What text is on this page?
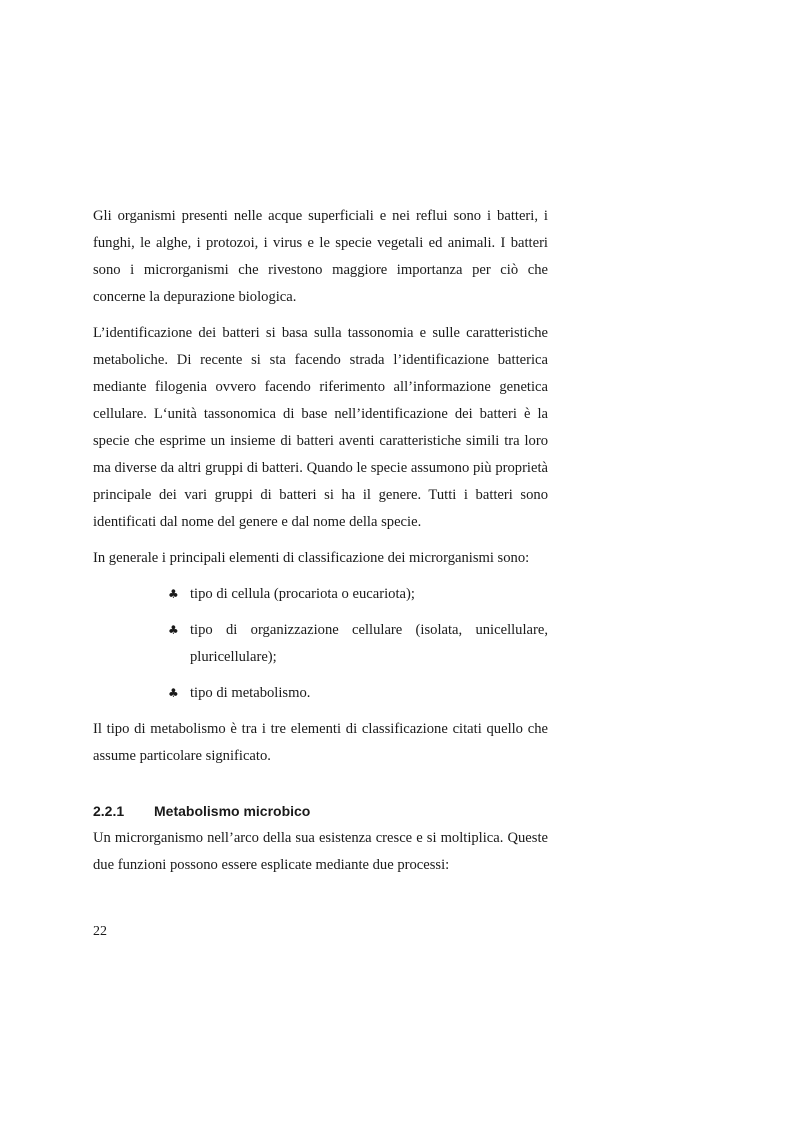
Gli organismi presenti nelle acque superficiali e nei reflui sono i batteri, i funghi, le alghe, i protozoi, i virus e le specie vegetali ed animali. I batteri sono i microrganismi che rivestono maggiore importanza per ciò che concerne la depurazione biologica.

L’identificazione dei batteri si basa sulla tassonomia e sulle caratteristiche metaboliche. Di recente si sta facendo strada l’identificazione batterica mediante filogenia ovvero facendo riferimento all’informazione genetica cellulare. L‘unità tassonomica di base nell’identificazione dei batteri è la specie che esprime un insieme di batteri aventi caratteristiche simili tra loro ma diverse da altri gruppi di batteri. Quando le specie assumono più proprietà principale dei vari gruppi di batteri si ha il genere. Tutti i batteri sono identificati dal nome del genere e dal nome della specie.

In generale i principali elementi di classificazione dei microrganismi sono:

♣ tipo di cellula (procariota o eucariota);
♣ tipo di organizzazione cellulare (isolata, unicellulare, pluricellulare);
♣ tipo di metabolismo.

Il tipo di metabolismo è tra i tre elementi di classificazione citati quello che assume particolare significato.

2.2.1	Metabolismo microbico

Un microrganismo nell’arco della sua esistenza cresce e si moltiplica. Queste due funzioni possono essere esplicate mediante due processi:

22
